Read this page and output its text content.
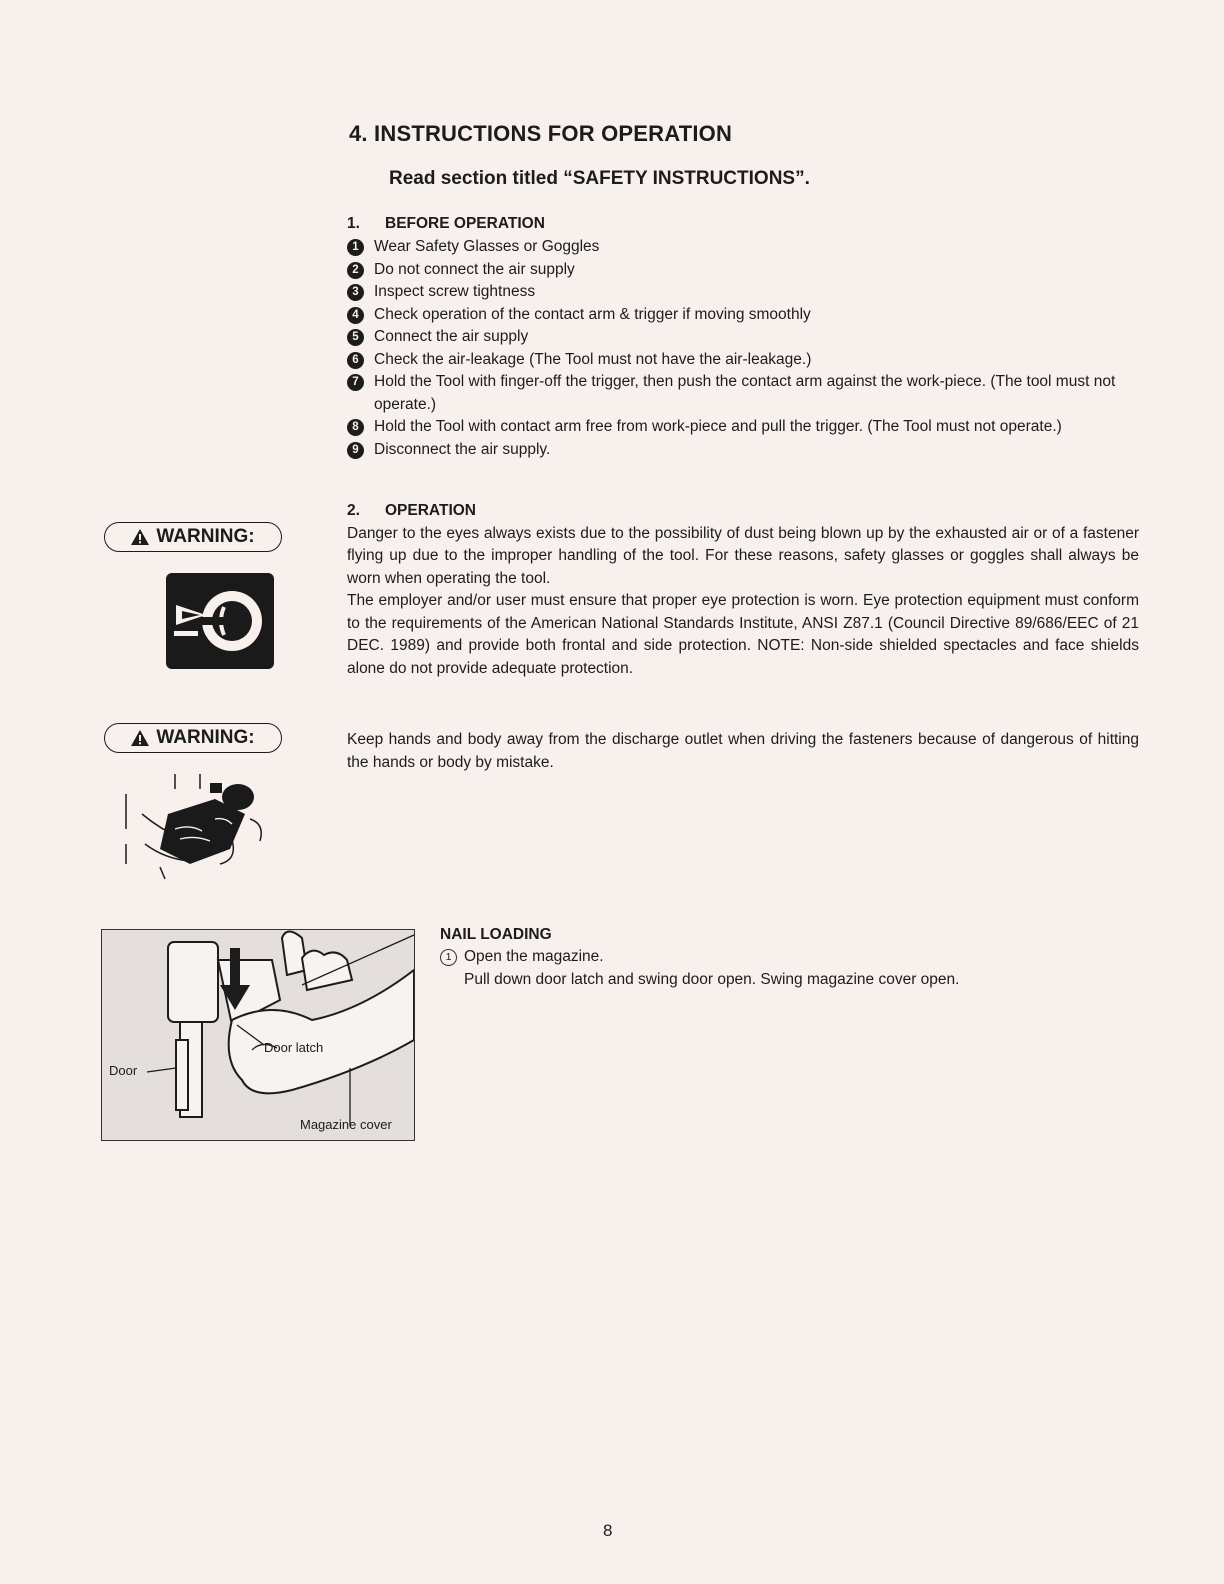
4. INSTRUCTIONS FOR OPERATION
Read section titled “SAFETY INSTRUCTIONS”.

1. BEFORE OPERATION

1 Wear Safety Glasses or Goggles
2 Do not connect the air supply
3 Inspect screw tightness
4 Check operation of the contact arm & trigger if moving smoothly
5 Connect the air supply
6 Check the air-leakage (The Tool must not have the air-leakage.)
7 Hold the Tool with finger-off the trigger, then push the contact arm against the work-piece. (The tool must not operate.)
8 Hold the Tool with contact arm free from work-piece and pull the trigger. (The Tool must not operate.)
9 Disconnect the air supply.

2. OPERATION

Danger to the eyes always exists due to the possibility of dust being blown up by the exhausted air or of a fastener flying up due to the improper handling of the tool. For these reasons, safety glasses or goggles shall always be worn when operating the tool.

The employer and/or user must ensure that proper eye protection is worn. Eye protection equipment must conform to the requirements of the American National Standards Institute, ANSI Z87.1 (Council Directive 89/686/EEC of 21 DEC. 1989) and provide both frontal and side protection. NOTE: Non-side shielded spectacles and face shields alone do not provide adequate protection.

Keep hands and body away from the discharge outlet when driving the fasteners because of dangerous of hitting the hands or body by mistake.

WARNING:
WARNING:
Door latch
Door
Magazine cover

NAIL LOADING

1 Open the magazine.

Pull down door latch and swing door open. Swing magazine cover open.

8
